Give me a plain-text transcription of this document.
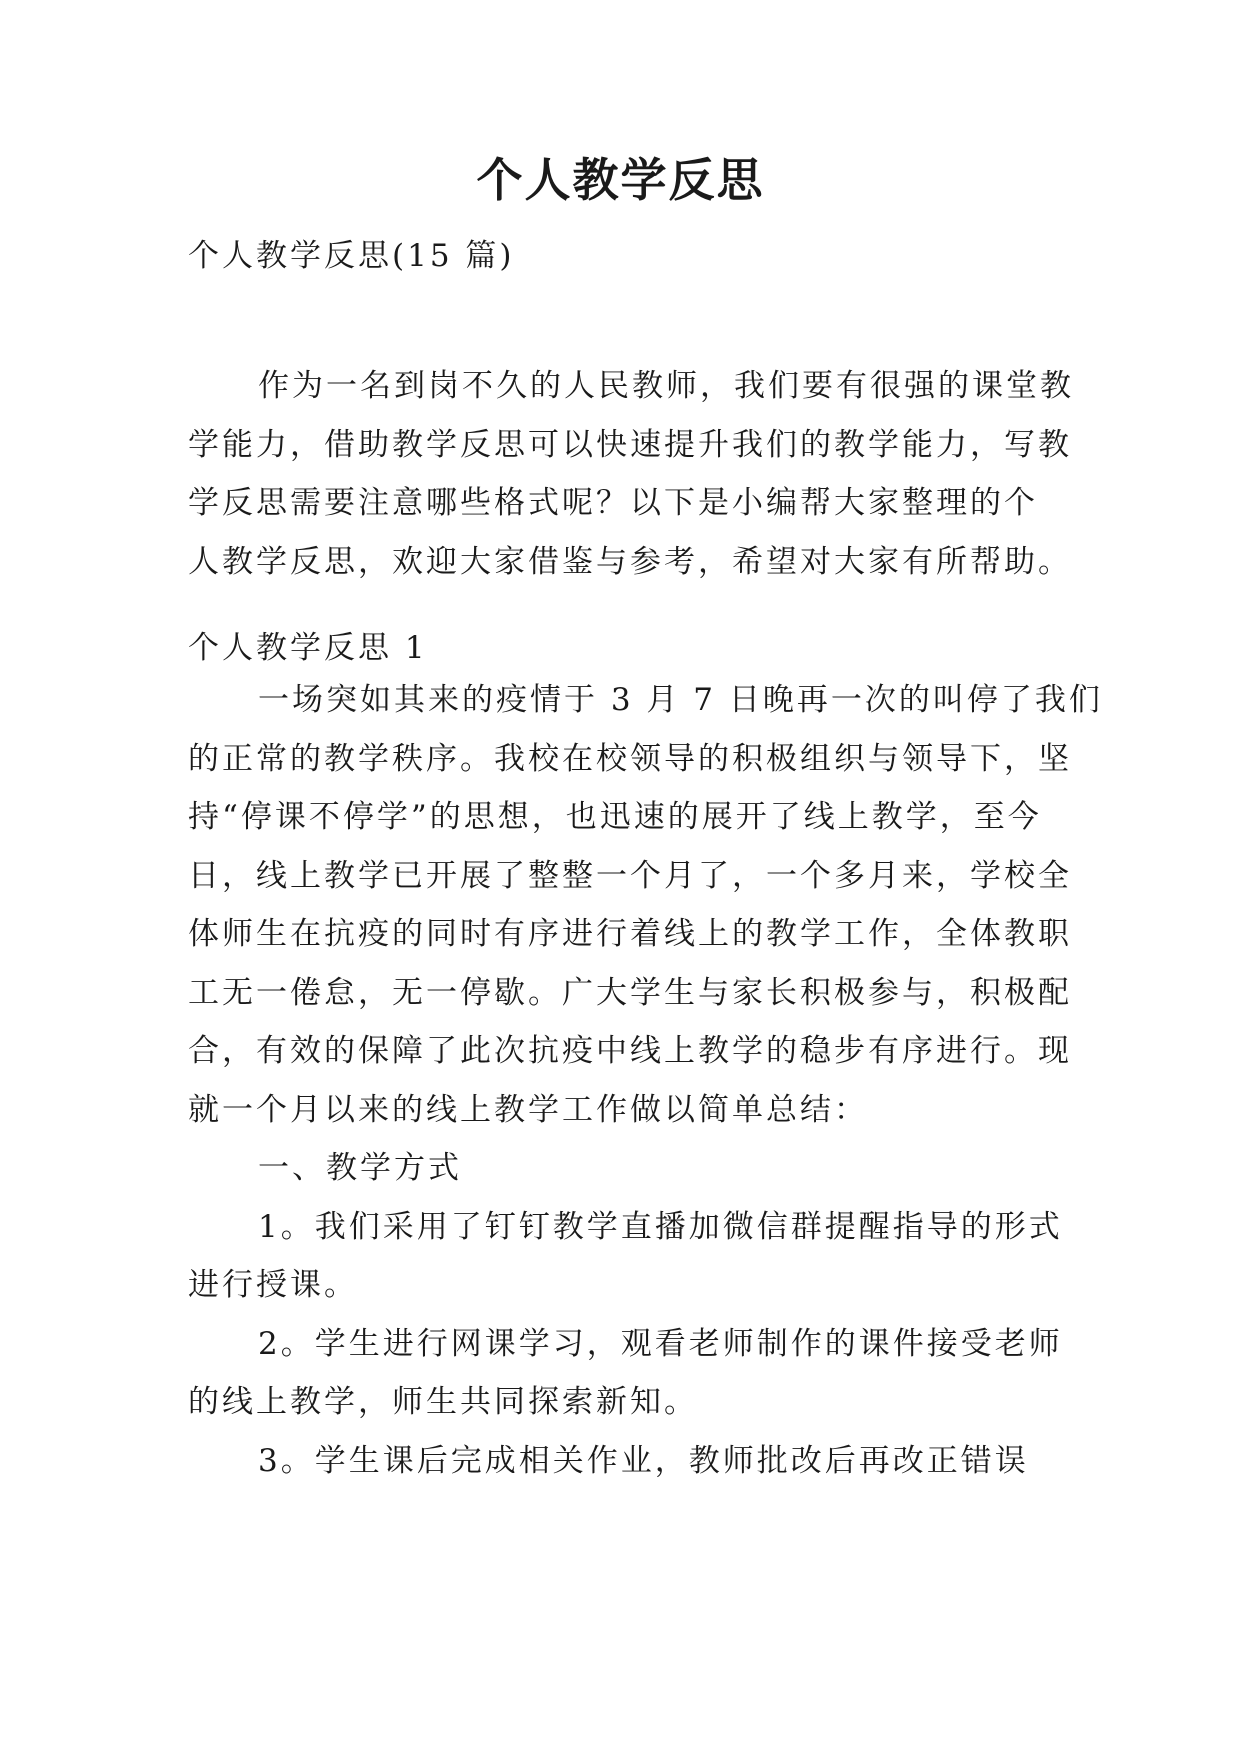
个人教学反思
个人教学反思(15 篇)
作为一名到岗不久的人民教师，我们要有很强的课堂教
学能力，借助教学反思可以快速提升我们的教学能力，写教
学反思需要注意哪些格式呢？以下是小编帮大家整理的个
人教学反思，欢迎大家借鉴与参考，希望对大家有所帮助。
个人教学反思 1
一场突如其来的疫情于 3 月 7 日晚再一次的叫停了我们
的正常的教学秩序。我校在校领导的积极组织与领导下，坚
持“停课不停学”的思想，也迅速的展开了线上教学，至今
日，线上教学已开展了整整一个月了，一个多月来，学校全
体师生在抗疫的同时有序进行着线上的教学工作，全体教职
工无一倦怠，无一停歇。广大学生与家长积极参与，积极配
合，有效的保障了此次抗疫中线上教学的稳步有序进行。现
就一个月以来的线上教学工作做以简单总结：
一、教学方式
1。我们采用了钉钉教学直播加微信群提醒指导的形式
进行授课。
2。学生进行网课学习，观看老师制作的课件接受老师
的线上教学，师生共同探索新知。
3。学生课后完成相关作业，教师批改后再改正错误
